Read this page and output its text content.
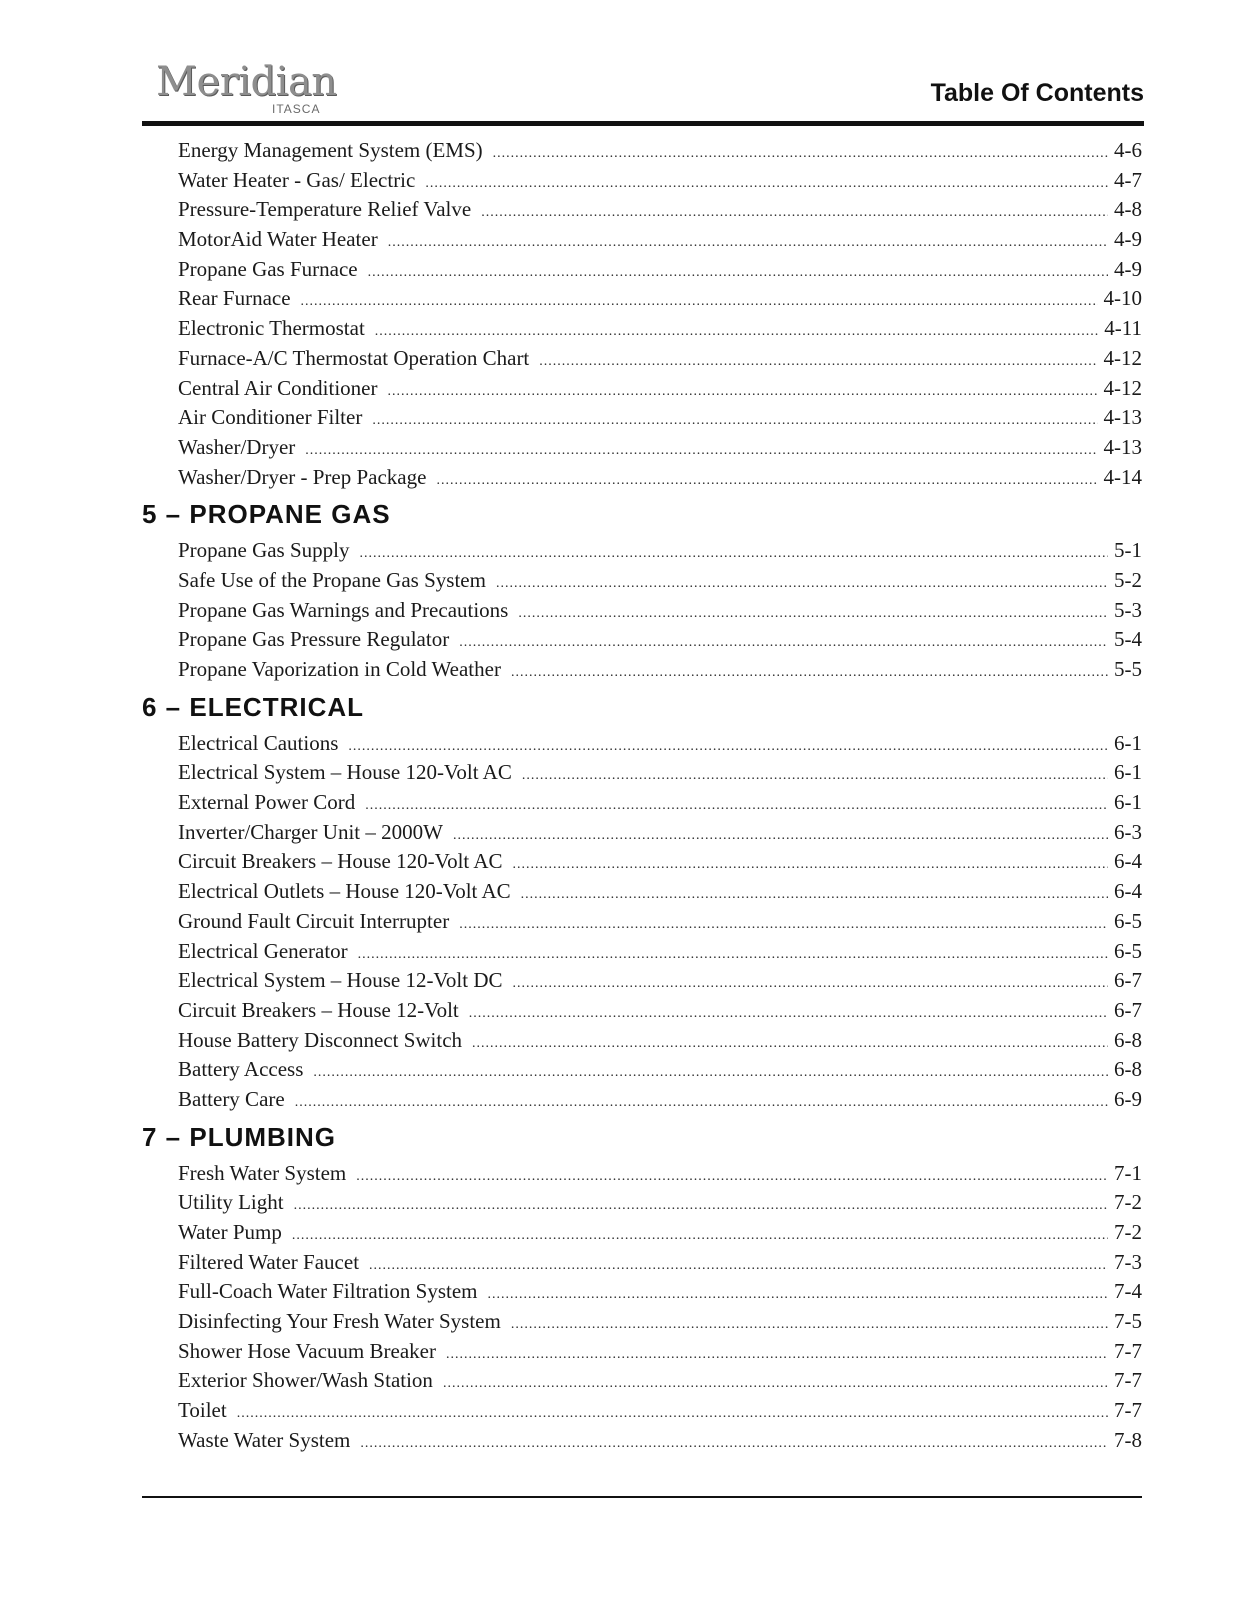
Meridian
ITASCA
Table Of Contents
Energy Management System (EMS) .....	4-6
Water Heater - Gas/ Electric .....	4-7
Pressure-Temperature Relief Valve .....	4-8
MotorAid Water Heater .....	4-9
Propane Gas Furnace .....	4-9
Rear Furnace .....	4-10
Electronic Thermostat .....	4-11
Furnace-A/C Thermostat Operation Chart .....	4-12
Central Air Conditioner .....	4-12
Air Conditioner Filter .....	4-13
Washer/Dryer .....	4-13
Washer/Dryer - Prep Package .....	4-14
5 – PROPANE GAS
Propane Gas Supply .....	5-1
Safe Use of the Propane Gas System .....	5-2
Propane Gas Warnings and Precautions .....	5-3
Propane Gas Pressure Regulator .....	5-4
Propane Vaporization in Cold Weather .....	5-5
6 – ELECTRICAL
Electrical Cautions .....	6-1
Electrical System – House 120-Volt AC .....	6-1
External Power Cord .....	6-1
Inverter/Charger Unit – 2000W .....	6-3
Circuit Breakers – House 120-Volt AC .....	6-4
Electrical Outlets – House 120-Volt AC .....	6-4
Ground Fault Circuit Interrupter .....	6-5
Electrical Generator .....	6-5
Electrical System – House 12-Volt DC .....	6-7
Circuit Breakers – House 12-Volt .....	6-7
House Battery Disconnect Switch .....	6-8
Battery Access .....	6-8
Battery Care .....	6-9
7 – PLUMBING
Fresh Water System .....	7-1
Utility Light .....	7-2
Water Pump .....	7-2
Filtered Water Faucet .....	7-3
Full-Coach Water Filtration System .....	7-4
Disinfecting Your Fresh Water System .....	7-5
Shower Hose Vacuum Breaker .....	7-7
Exterior Shower/Wash Station .....	7-7
Toilet .....	7-7
Waste Water System .....	7-8
